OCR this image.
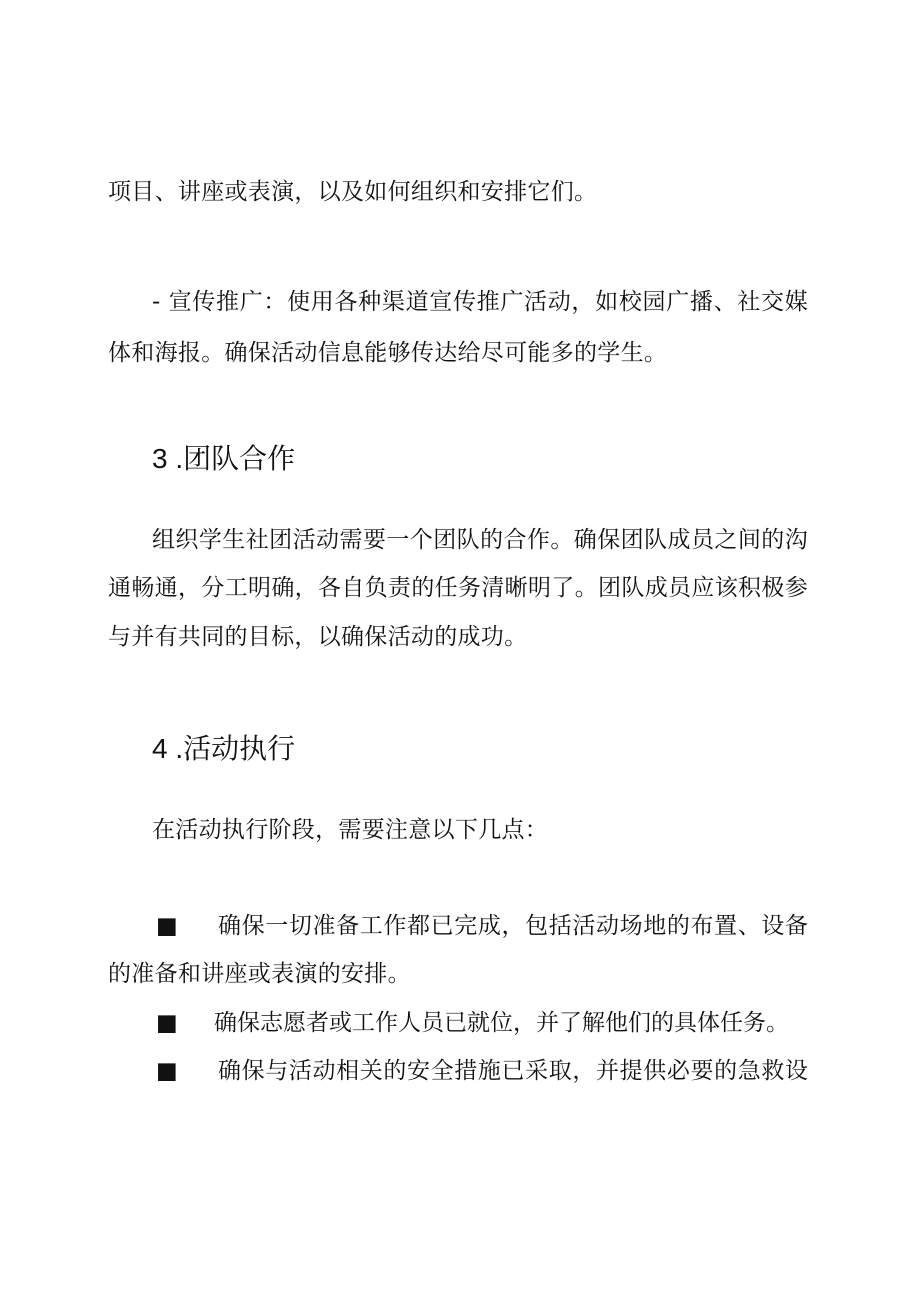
项目、讲座或表演，以及如何组织和安排它们。
- 宣传推广：使用各种渠道宣传推广活动，如校园广播、社交媒
体和海报。确保活动信息能够传达给尽可能多的学生。
3 .团队合作
组织学生社团活动需要一个团队的合作。确保团队成员之间的沟
通畅通，分工明确，各自负责的任务清晰明了。团队成员应该积极参
与并有共同的目标，以确保活动的成功。
4 .活动执行
在活动执行阶段，需要注意以下几点：
■ 确保一切准备工作都已完成，包括活动场地的布置、设备
的准备和讲座或表演的安排。
■ 确保志愿者或工作人员已就位，并了解他们的具体任务。
■ 确保与活动相关的安全措施已采取，并提供必要的急救设
